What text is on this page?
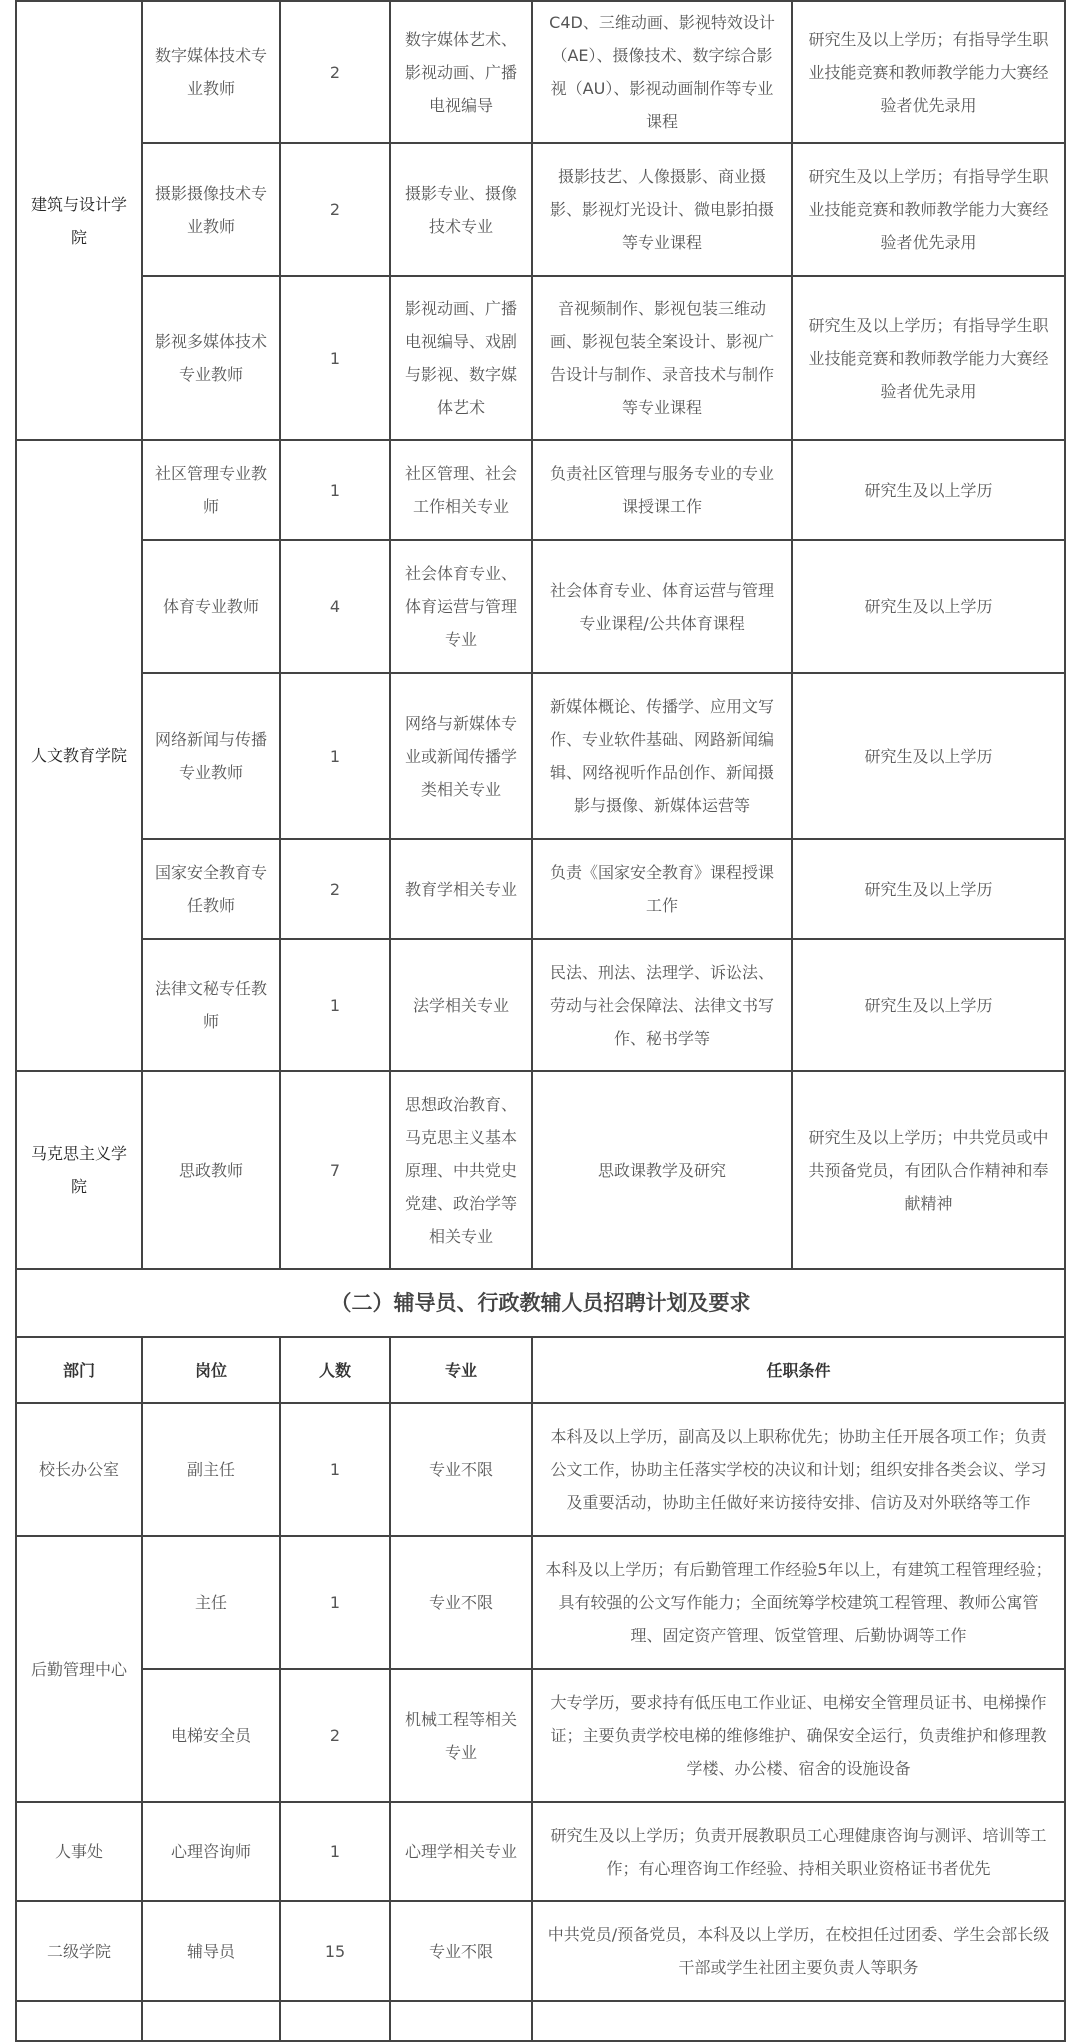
建筑与设计学院	数字媒体技术专业教师	2	数字媒体艺术、影视动画、广播电视编导	C4D、三维动画、影视特效设计（AE）、摄像技术、数字综合影视（AU）、影视动画制作等专业课程	研究生及以上学历；有指导学生职业技能竞赛和教师教学能力大赛经验者优先录用
	摄影摄像技术专业教师	2	摄影专业、摄像技术专业	摄影技艺、人像摄影、商业摄影、影视灯光设计、微电影拍摄等专业课程	研究生及以上学历；有指导学生职业技能竞赛和教师教学能力大赛经验者优先录用
	影视多媒体技术专业教师	1	影视动画、广播电视编导、戏剧与影视、数字媒体艺术	音视频制作、影视包装三维动画、影视包装全案设计、影视广告设计与制作、录音技术与制作等专业课程	研究生及以上学历；有指导学生职业技能竞赛和教师教学能力大赛经验者优先录用
人文教育学院	社区管理专业教师	1	社区管理、社会工作相关专业	负责社区管理与服务专业的专业课授课工作	研究生及以上学历
	体育专业教师	4	社会体育专业、体育运营与管理专业	社会体育专业、体育运营与管理专业课程/公共体育课程	研究生及以上学历
	网络新闻与传播专业教师	1	网络与新媒体专业或新闻传播学类相关专业	新媒体概论、传播学、应用文写作、专业软件基础、网路新闻编辑、网络视听作品创作、新闻摄影与摄像、新媒体运营等	研究生及以上学历
	国家安全教育专任教师	2	教育学相关专业	负责《国家安全教育》课程授课工作	研究生及以上学历
	法律文秘专任教师	1	法学相关专业	民法、刑法、法理学、诉讼法、劳动与社会保障法、法律文书写作、秘书学等	研究生及以上学历
马克思主义学院	思政教师	7	思想政治教育、马克思主义基本原理、中共党史党建、政治学等相关专业	思政课教学及研究	研究生及以上学历；中共党员或中共预备党员，有团队合作精神和奉献精神
（二）辅导员、行政教辅人员招聘计划及要求					
部门	岗位	人数	专业	任职条件	
校长办公室	副主任	1	专业不限	本科及以上学历，副高及以上职称优先；协助主任开展各项工作；负责公文工作，协助主任落实学校的决议和计划；组织安排各类会议、学习及重要活动，协助主任做好来访接待安排、信访及对外联络等工作	
后勤管理中心	主任	1	专业不限	本科及以上学历；有后勤管理工作经验5年以上，有建筑工程管理经验；具有较强的公文写作能力；全面统筹学校建筑工程管理、教师公寓管理、固定资产管理、饭堂管理、后勤协调等工作	
	电梯安全员	2	机械工程等相关专业	大专学历，要求持有低压电工作业证、电梯安全管理员证书、电梯操作证；主要负责学校电梯的维修维护、确保安全运行，负责维护和修理教学楼、办公楼、宿舍的设施设备	
人事处	心理咨询师	1	心理学相关专业	研究生及以上学历；负责开展教职员工心理健康咨询与测评、培训等工作；有心理咨询工作经验、持相关职业资格证书者优先	
二级学院	辅导员	15	专业不限	中共党员/预备党员，本科及以上学历，在校担任过团委、学生会部长级干部或学生社团主要负责人等职务	
